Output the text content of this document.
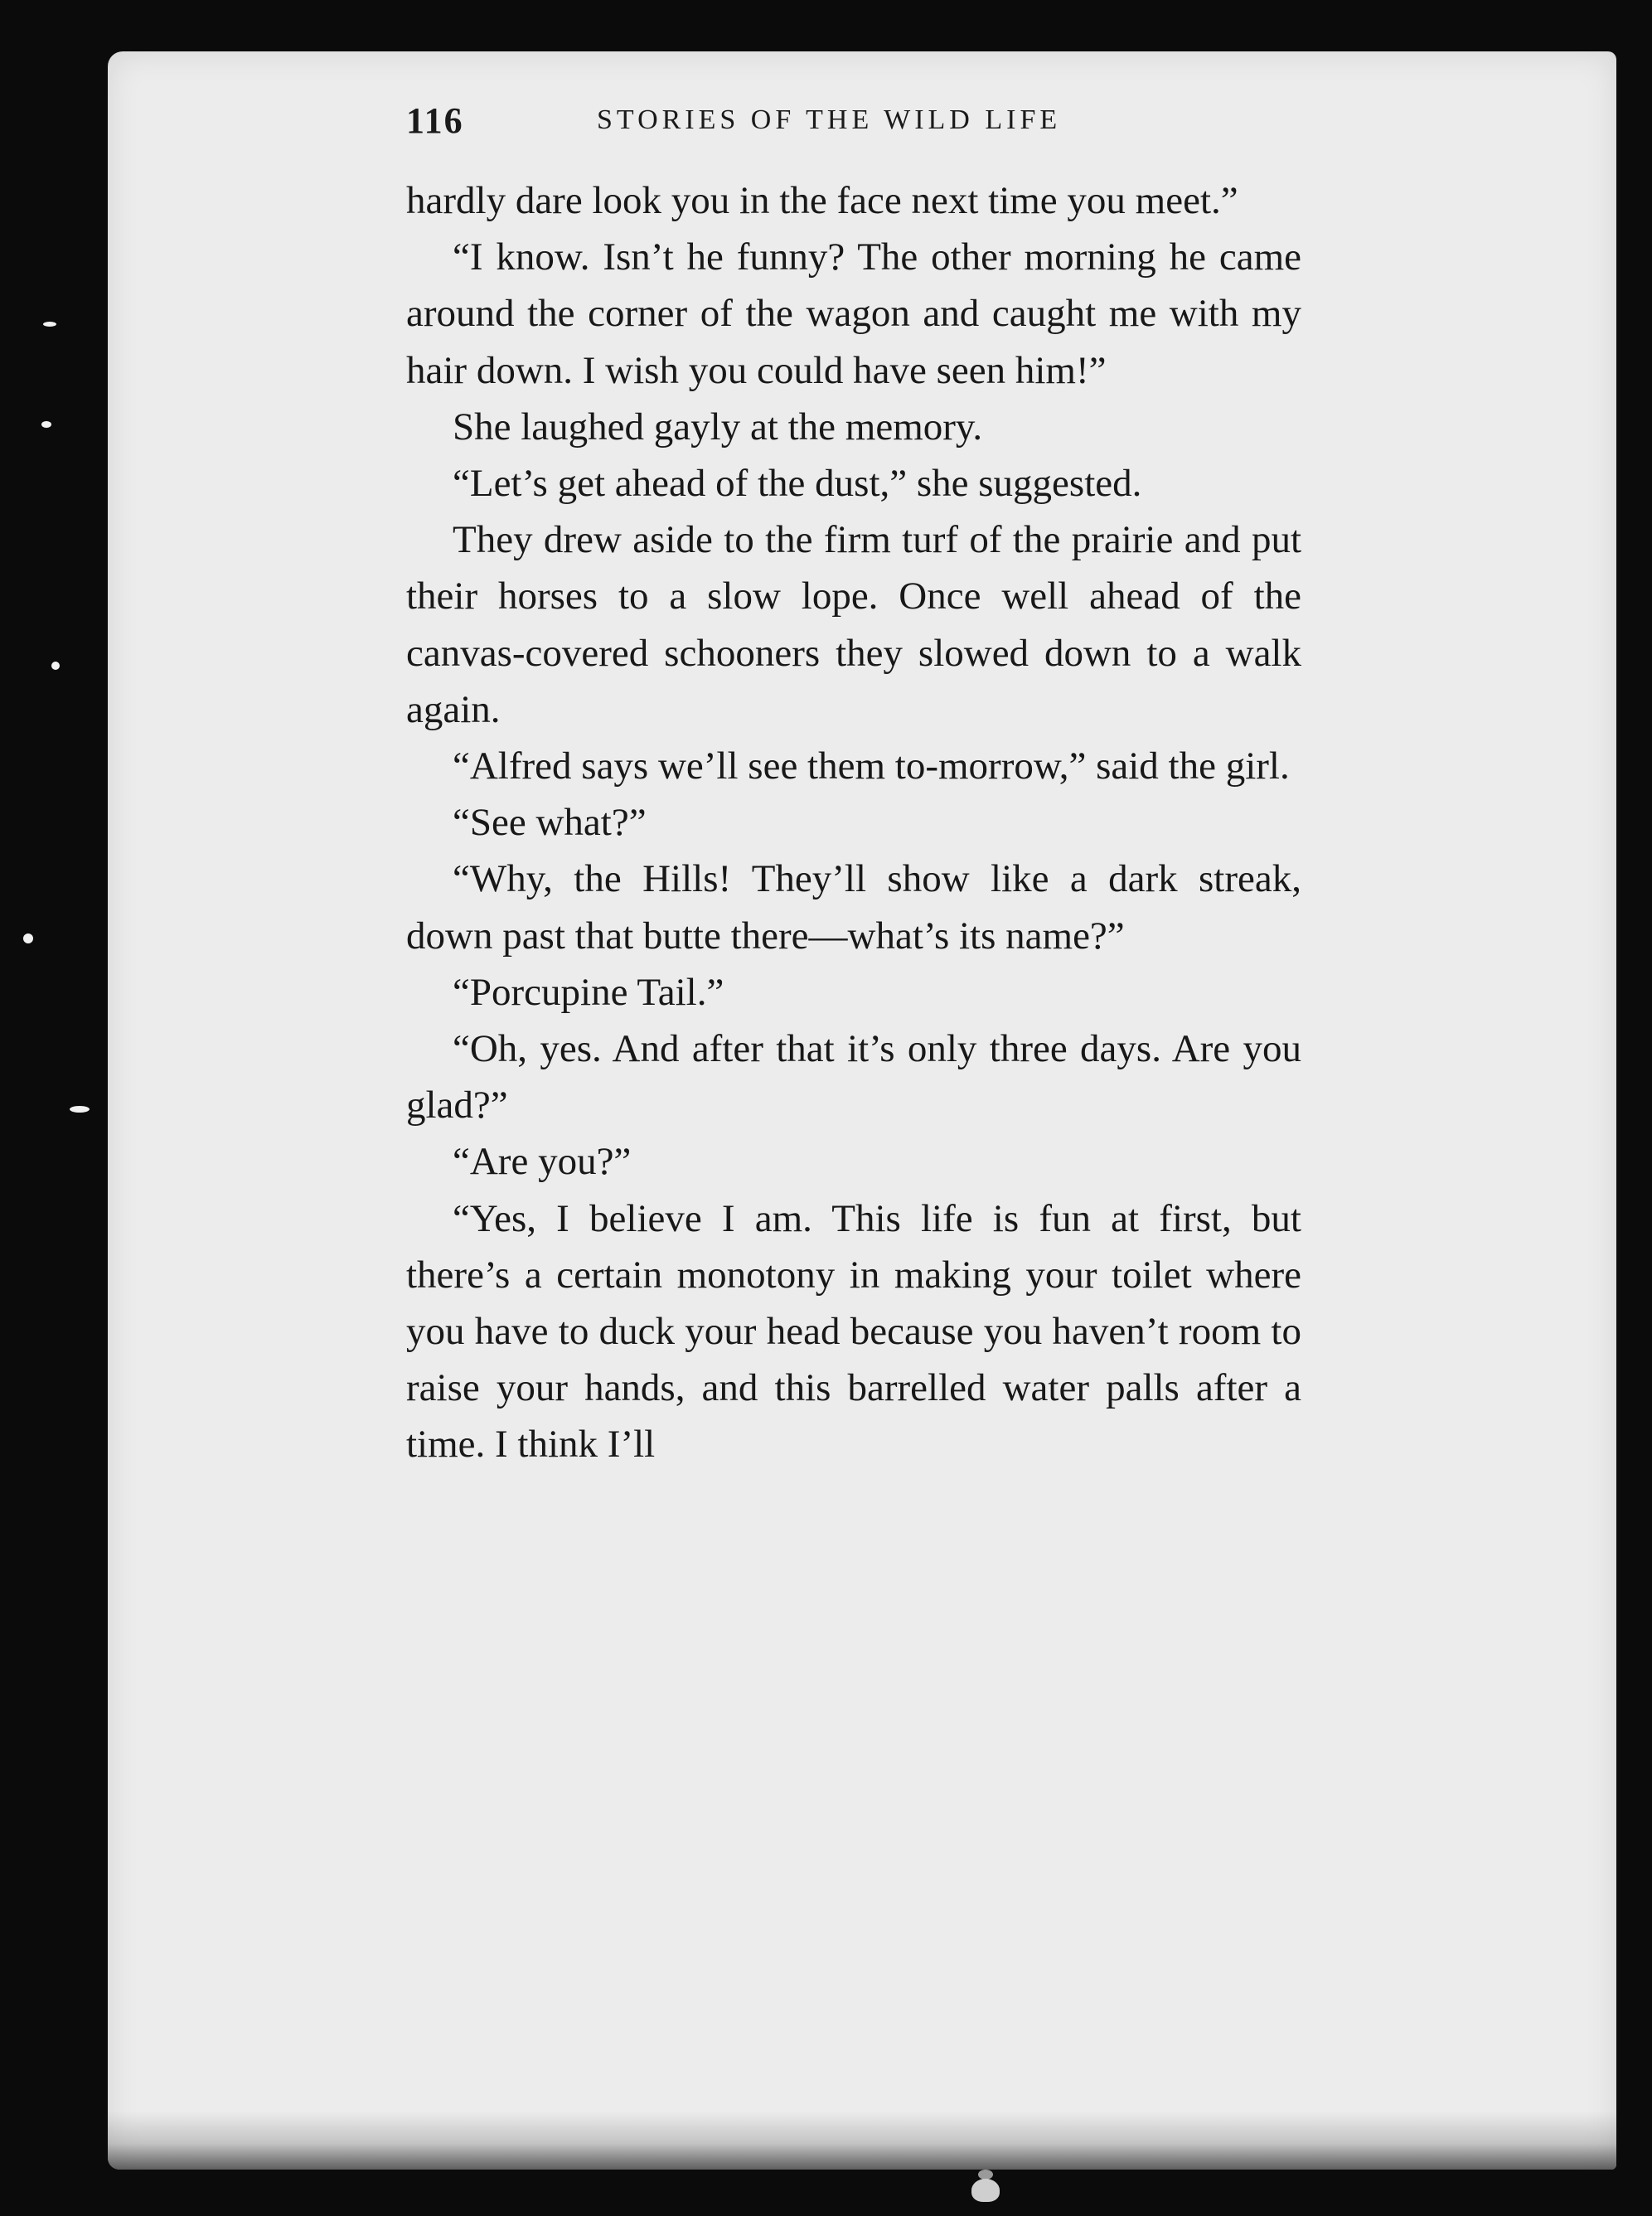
116	STORIES OF THE WILD LIFE

hardly dare look you in the face next time you meet.”

“I know. Isn’t he funny? The other morning he came around the corner of the wagon and caught me with my hair down. I wish you could have seen him!”

She laughed gayly at the memory.

“Let’s get ahead of the dust,” she suggested.

They drew aside to the firm turf of the prairie and put their horses to a slow lope. Once well ahead of the canvas-covered schooners they slowed down to a walk again.

“Alfred says we’ll see them to-morrow,” said the girl.

“See what?”

“Why, the Hills! They’ll show like a dark streak, down past that butte there—what’s its name?”

“Porcupine Tail.”

“Oh, yes. And after that it’s only three days. Are you glad?”

“Are you?”

“Yes, I believe I am. This life is fun at first, but there’s a certain monotony in making your toilet where you have to duck your head because you haven’t room to raise your hands, and this barrelled water palls after a time. I think I’ll
